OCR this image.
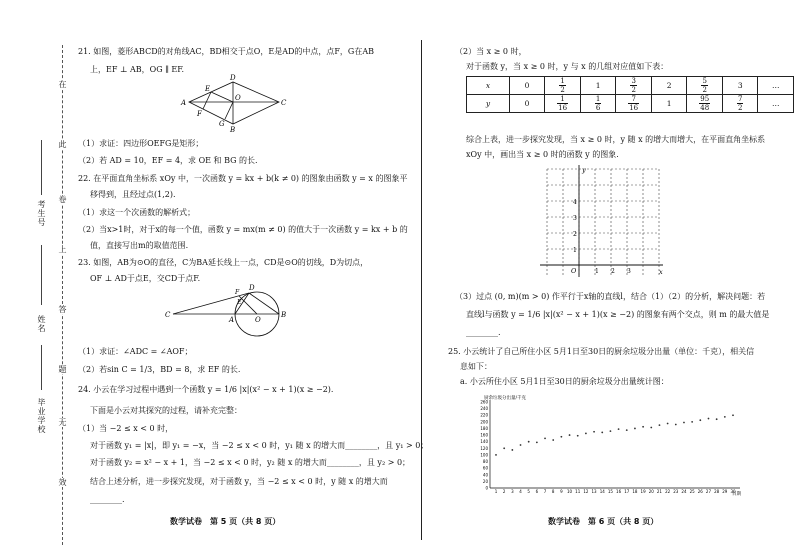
在
此
卷
上
答
题
无
效
考生号
姓名
毕业学校
21. 如图，菱形ABCD的对角线AC，BD相交于点O，E是AD的中点，点F，G在AB
上，EF ⊥ AB，OG ∥ EF.
A	C
D
B
E
F
G
O
（1）求证：四边形OEFG是矩形；
（2）若 AD = 10，EF = 4，求 OE 和 BG 的长.
22. 在平面直角坐标系 xOy 中，一次函数 y = kx + b(k ≠ 0) 的图象由函数 y = x 的图象平
移得到，且经过点(1,2).
（1）求这一个次函数的解析式；
（2）当x>1时，对于x的每一个值，函数 y = mx(m ≠ 0) 的值大于一次函数 y = kx + b 的
值，直接写出m的取值范围.
23. 如图，AB为⊙O的直径，C为BA延长线上一点，CD是⊙O的切线，D为切点，
OF ⊥ AD于点E，交CD于点F.
C
A	O
B
D
E
F
（1）求证：∠ADC = ∠AOF；
（2）若sin C = 1/3，BD = 8，求 EF 的长.
24. 小云在学习过程中遇到一个函数 y = 1/6 |x|(x² − x + 1)(x ≥ −2).
下面是小云对其探究的过程，请补充完整：
（1）当 −2 ≤ x < 0 时，
对于函数 y₁ = |x|，即 y₁ = −x，当 −2 ≤ x < 0 时，y₁ 随 x 的增大而________，且 y₁ > 0；
对于函数 y₂ = x² − x + 1，当 −2 ≤ x < 0 时，y₂ 随 x 的增大而________，且 y₂ > 0；
结合上述分析，进一步探究发现，对于函数 y，当 −2 ≤ x < 0 时，y 随 x 的增大而
________.
数学试卷　第 5 页（共 8 页）
（2）当 x ≥ 0 时，
对于函数 y，当 x ≥ 0 时，y 与 x 的几组对应值如下表：
x	0	$\frac{1}{2}$	1	$\frac{3}{2}$	2	$\frac{5}{2}$	3	…
y	0	$\frac{1}{16}$	$\frac{1}{6}$	$\frac{7}{16}$	1	$\frac{95}{48}$	$\frac{7}{2}$	…
综合上表，进一步探究发现，当 x ≥ 0 时，y 随 x 的增大而增大，在平面直角坐标系
xOy 中，画出当 x ≥ 0 时的函数 y 的图象.
y
x
O	1 2 3
1
2
3
4
（3）过点 (0, m)(m > 0) 作平行于x轴的直线l，结合（1）（2）的分析，解决问题：若
直线l与函数 y = 1/6 |x|(x² − x + 1)(x ≥ −2) 的图象有两个交点，则 m 的最大值是
________.
25. 小云统计了自己所住小区 5月1日至30日的厨余垃圾分出量（单位：千克），相关信
息如下：
a. 小云所住小区 5月1日至30日的厨余垃圾分出量统计图：
厨余垃圾分出量/千克
日期
0
20
40
60
80
100
120
140
160
180
200
220
240
260
1 2 3 4 5 6 7 8 9 10 11 12 13 14 15 16 17 18 19 20 21 22 23 24 25 26 27 28 29 30
数学试卷　第 6 页（共 8 页）
